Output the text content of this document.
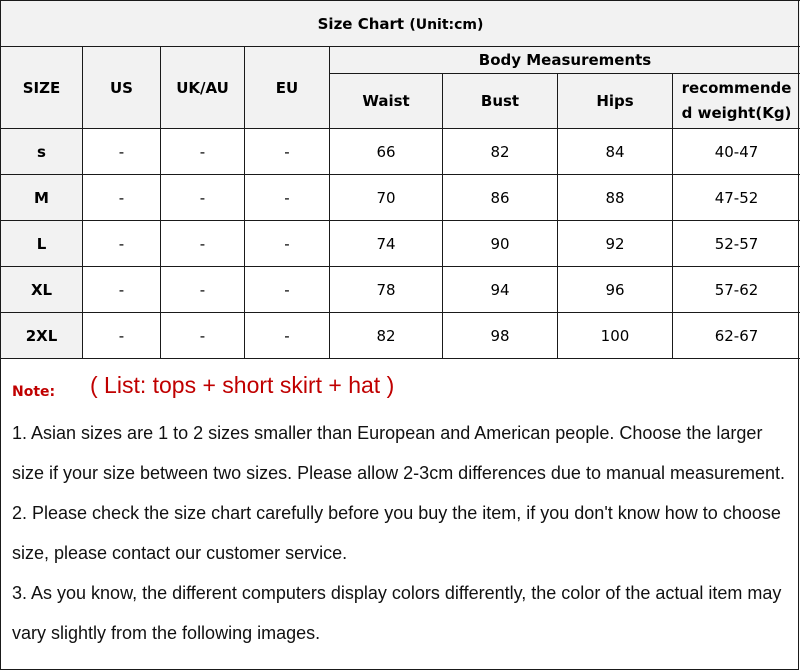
Size Chart (Unit:cm)							
SIZE	US	UK/AU	EU	Body Measurements			
				Waist	Bust	Hips	recommende
d weight(Kg)

s	-	-	-	66	82	84	40-47
M	-	-	-	70	86	88	47-52
L	-	-	-	74	90	92	52-57
XL	-	-	-	78	94	96	57-62
2XL	-	-	-	82	98	100	62-67
Note: ( List: tops + short skirt + hat )
1. Asian sizes are 1 to 2 sizes smaller than European and American people. Choose the larger
size if your size between two sizes. Please allow 2-3cm differences due to manual measurement.
2. Please check the size chart carefully before you buy the item, if you don't know how to choose
size, please contact our customer service.
3. As you know, the different computers display colors differently, the color of the actual item may
vary slightly from the following images.
